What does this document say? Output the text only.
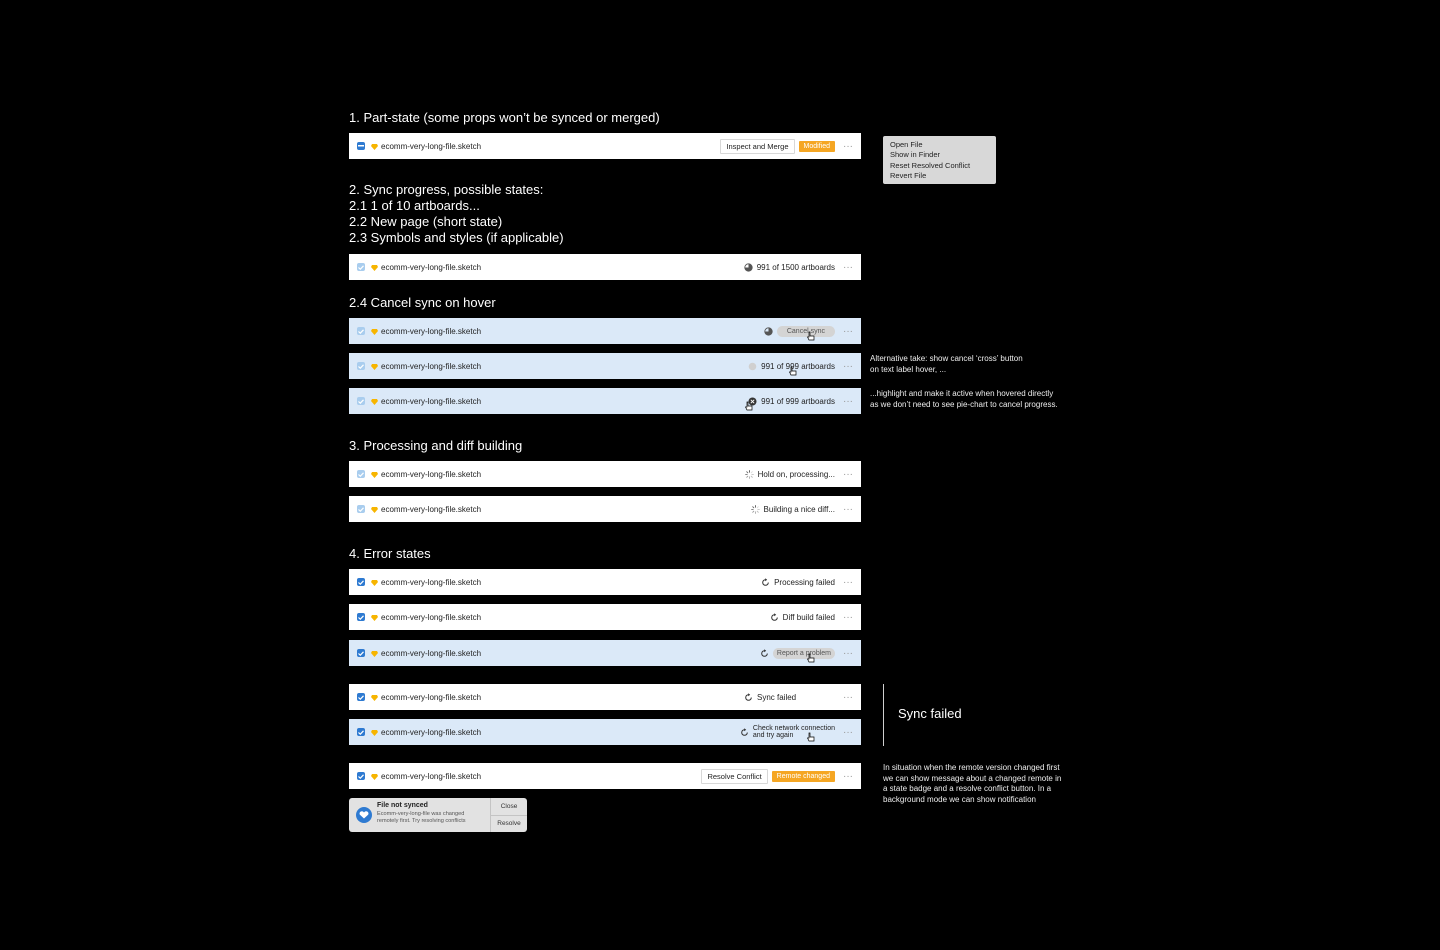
1. Part-state (some props won’t be synced or merged)
ecomm-very-long-file.sketch	Inspect and Merge	Modified	···	Open File
Show in Finder
Reset Resolved Conflict
Revert File
2. Sync progress, possible states:
2.1 1 of 10 artboards...
2.2 New page (short state)
2.3 Symbols and styles (if applicable)
ecomm-very-long-file.sketch	991 of 1500 artboards ···
2.4 Cancel sync on hover
ecomm-very-long-file.sketch	Cancel sync	···
ecomm-very-long-file.sketch	991 of 999 artboards ···
ecomm-very-long-file.sketch	991 of 999 artboards ···
Alternative take: show cancel ‘cross’ button
on text label hover, ...
...highlight and make it active when hovered directly
as we don’t need to see pie-chart to cancel progress.
3. Processing and diff building
ecomm-very-long-file.sketch	Hold on, processing... ···
ecomm-very-long-file.sketch	Building a nice diff... ···
4. Error states
ecomm-very-long-file.sketch	Processing failed ···
ecomm-very-long-file.sketch	Diff build failed ···
ecomm-very-long-file.sketch	Report a problem	···
ecomm-very-long-file.sketch	Sync failed	···
ecomm-very-long-file.sketch	Check network connection
and try again	···
Sync failed
ecomm-very-long-file.sketch	Resolve Conflict	Remote changed	···
In situation when the remote version changed first
we can show message about a changed remote in
a state badge and a resolve conflict button. In a
background mode we can show notification
File not synced
Ecomm-very-long-file was changed
remotely first. Try resolving conflicts
Close
Resolve
